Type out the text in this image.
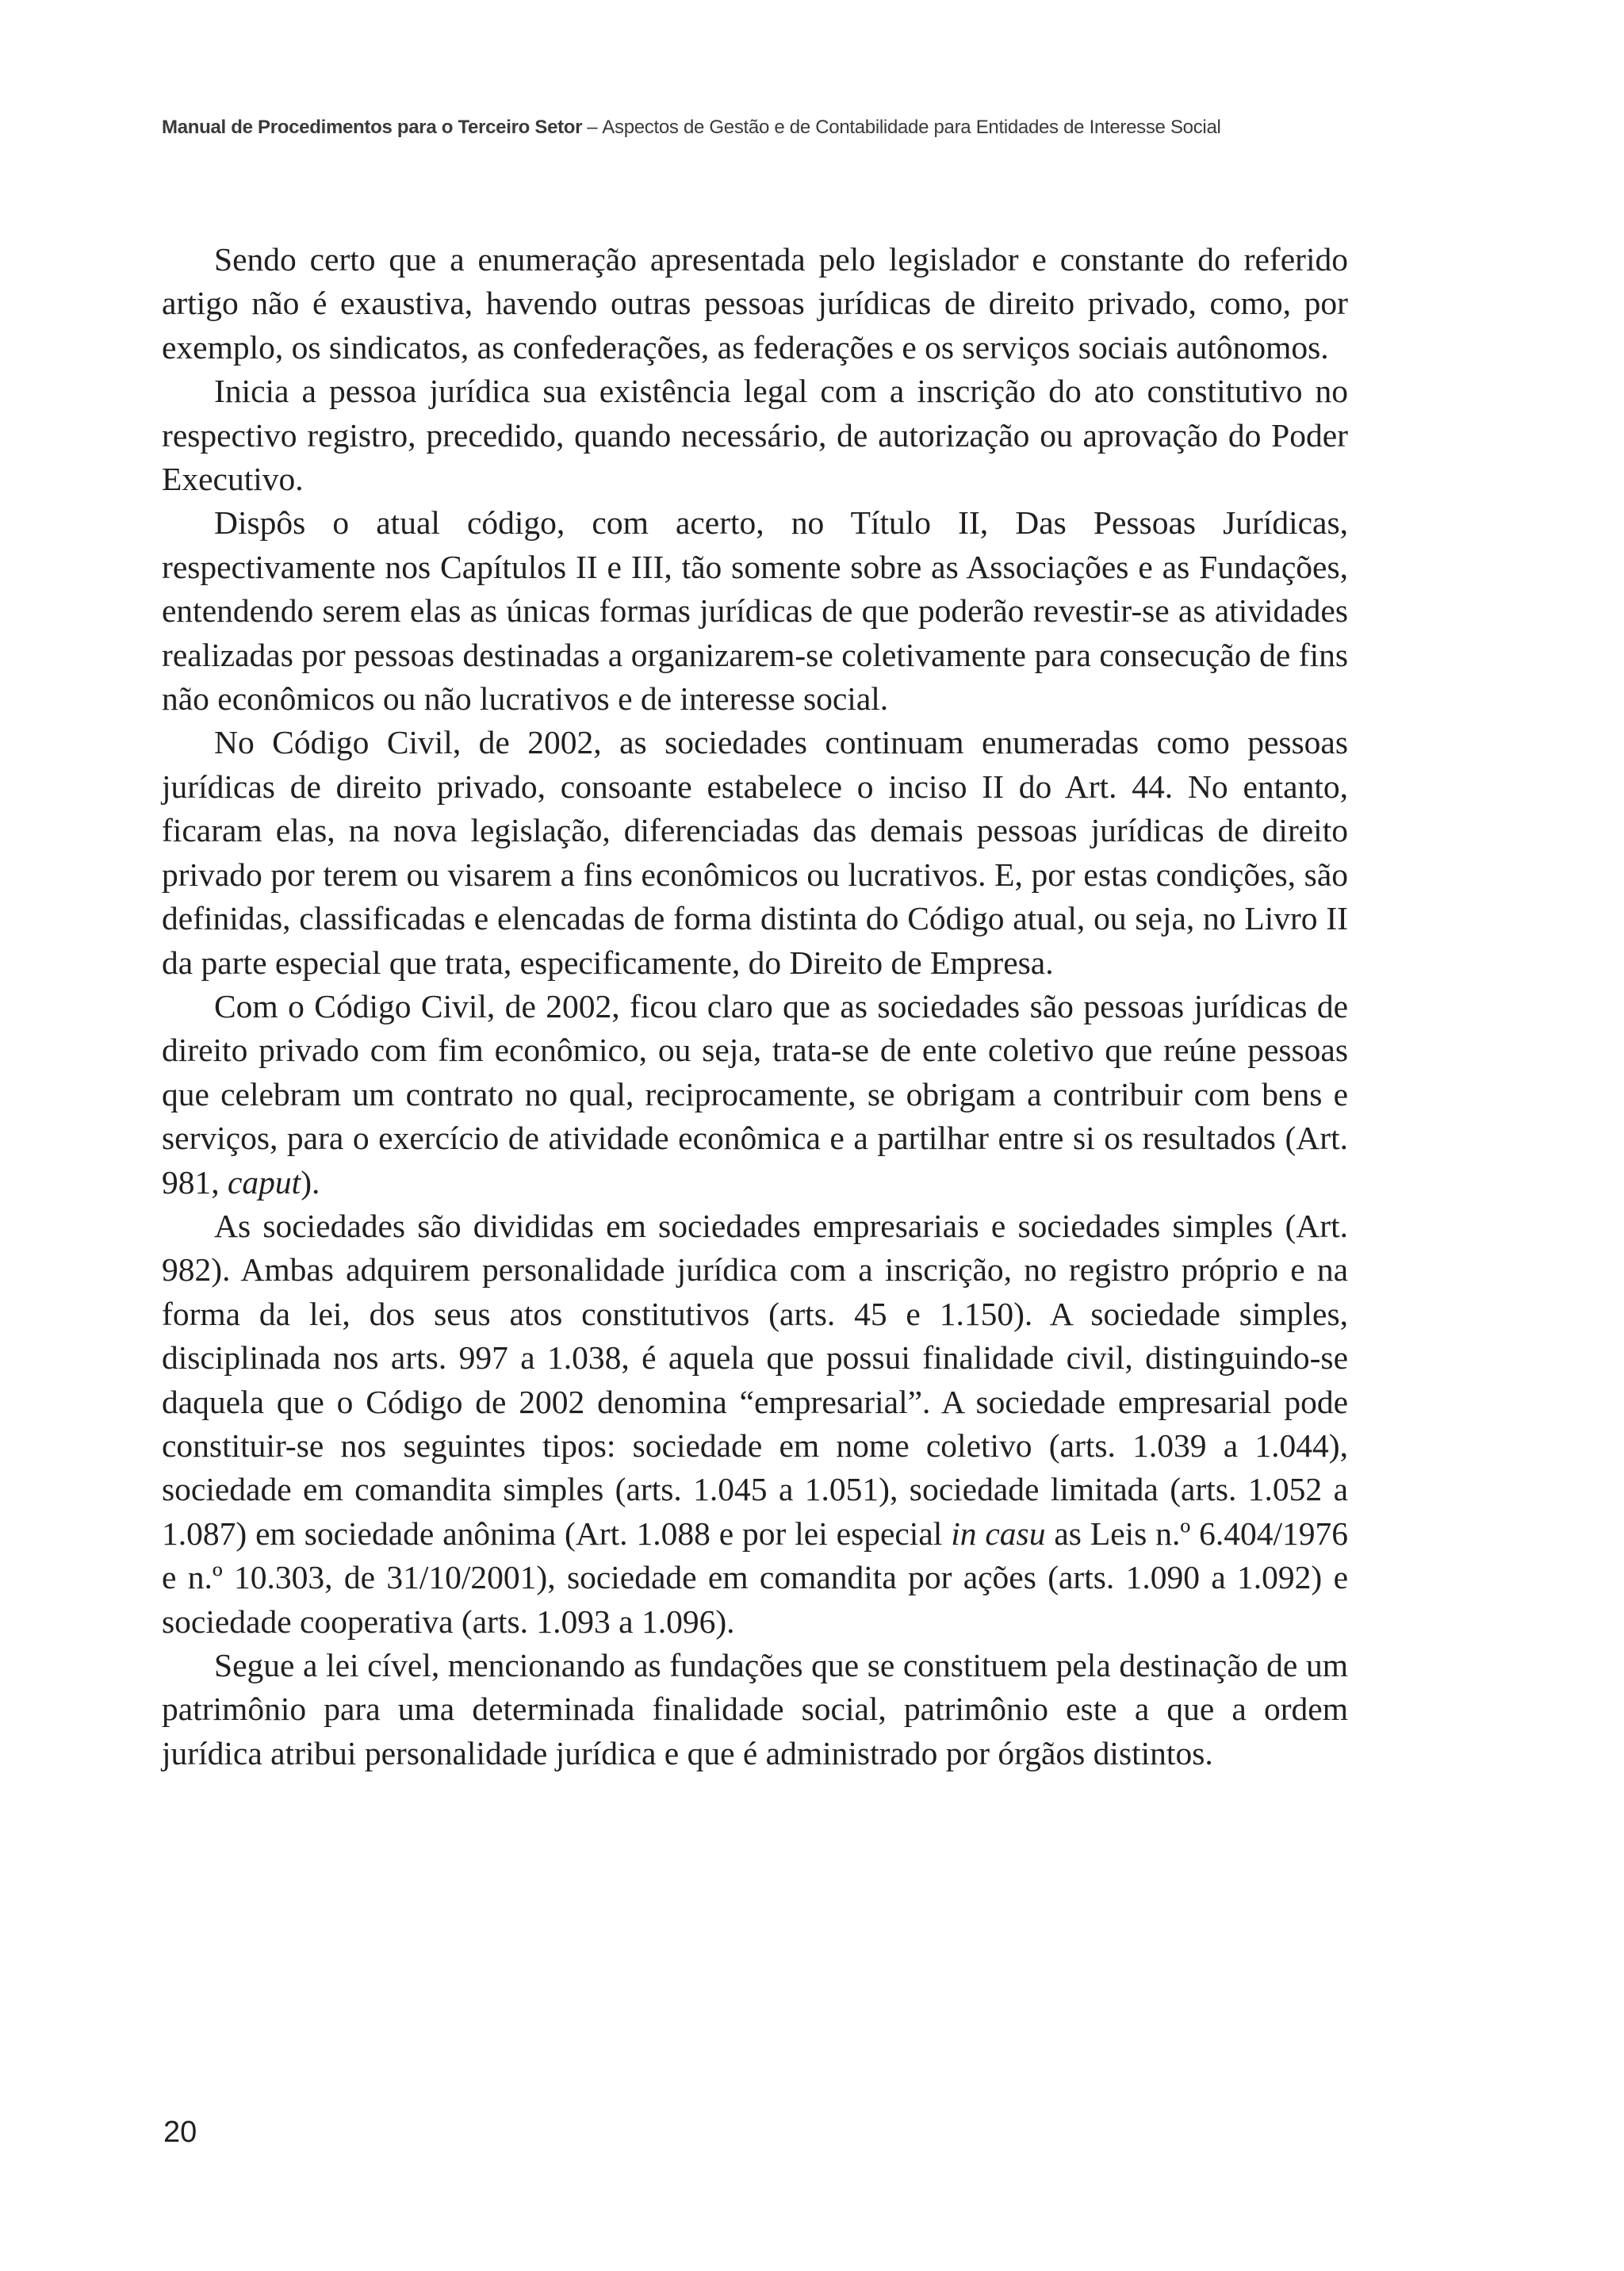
Manual de Procedimentos para o Terceiro Setor – Aspectos de Gestão e de Contabilidade para Entidades de Interesse Social

Sendo certo que a enumeração apresentada pelo legislador e constante do referido artigo não é exaustiva, havendo outras pessoas jurídicas de direito privado, como, por exemplo, os sindicatos, as confederações, as federações e os serviços sociais autônomos.

Inicia a pessoa jurídica sua existência legal com a inscrição do ato constitutivo no respectivo registro, precedido, quando necessário, de autorização ou aprovação do Poder Executivo.

Dispôs o atual código, com acerto, no Título II, Das Pessoas Jurídicas, respectivamente nos Capítulos II e III, tão somente sobre as Associações e as Fundações, entendendo serem elas as únicas formas jurídicas de que poderão revestir-se as atividades realizadas por pessoas destinadas a organizarem-se coletivamente para consecução de fins não econômicos ou não lucrativos e de interesse social.

No Código Civil, de 2002, as sociedades continuam enumeradas como pessoas jurídicas de direito privado, consoante estabelece o inciso II do Art. 44. No entanto, ficaram elas, na nova legislação, diferenciadas das demais pessoas jurídicas de direito privado por terem ou visarem a fins econômicos ou lucrativos. E, por estas condições, são definidas, classificadas e elencadas de forma distinta do Código atual, ou seja, no Livro II da parte especial que trata, especificamente, do Direito de Empresa.

Com o Código Civil, de 2002, ficou claro que as sociedades são pessoas jurídicas de direito privado com fim econômico, ou seja, trata-se de ente coletivo que reúne pessoas que celebram um contrato no qual, reciprocamente, se obrigam a contribuir com bens e serviços, para o exercício de atividade econômica e a partilhar entre si os resultados (Art. 981, caput).

As sociedades são divididas em sociedades empresariais e sociedades simples (Art. 982). Ambas adquirem personalidade jurídica com a inscrição, no registro próprio e na forma da lei, dos seus atos constitutivos (arts. 45 e 1.150). A sociedade simples, disciplinada nos arts. 997 a 1.038, é aquela que possui finalidade civil, distinguindo-se daquela que o Código de 2002 denomina “empresarial”. A sociedade empresarial pode constituir-se nos seguintes tipos: sociedade em nome coletivo (arts. 1.039 a 1.044), sociedade em comandita simples (arts. 1.045 a 1.051), sociedade limitada (arts. 1.052 a 1.087) em sociedade anônima (Art. 1.088 e por lei especial in casu as Leis n.º 6.404/1976 e n.º 10.303, de 31/10/2001), sociedade em comandita por ações (arts. 1.090 a 1.092) e sociedade cooperativa (arts. 1.093 a 1.096).

Segue a lei cível, mencionando as fundações que se constituem pela destinação de um patrimônio para uma determinada finalidade social, patrimônio este a que a ordem jurídica atribui personalidade jurídica e que é administrado por órgãos distintos.

20
